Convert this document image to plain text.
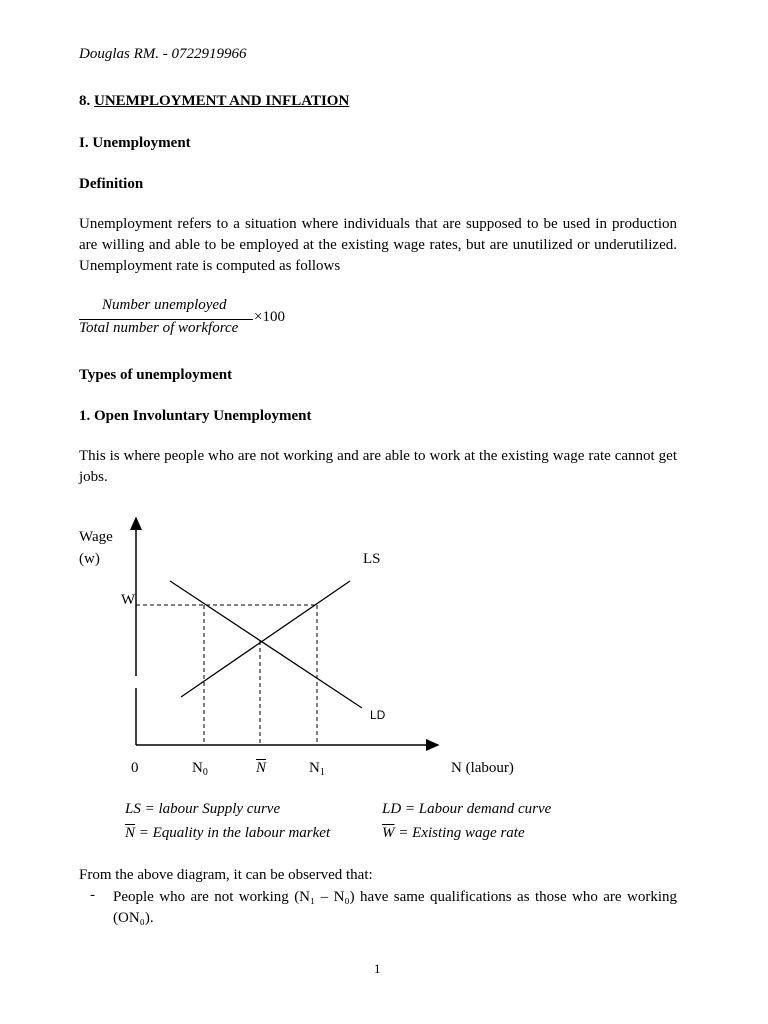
Douglas RM. - 0722919966
8. UNEMPLOYMENT AND INFLATION
I. Unemployment
Definition
Unemployment refers to a situation where individuals that are supposed to be used in production are willing and able to be employed at the existing wage rates, but are unutilized or underutilized. Unemployment rate is computed as follows
Number unemployed
Total number of workforce
×100
Types of unemployment
1. Open Involuntary Unemployment
This is where people who are not working and are able to work at the existing wage rate cannot get jobs.
Wage
(w)
W
LS
LD
0	$N_0$	$\overline{N}$	$N_1$	N (labour)
LS = labour Supply curve	LD = Labour demand curve
$\overline{N}$ = Equality in the labour market	$\overline{W}$ = Existing wage rate
From the above diagram, it can be observed that:
- People who are not working (N₁ – N₀) have same qualifications as those who are working (ON₀).
1
